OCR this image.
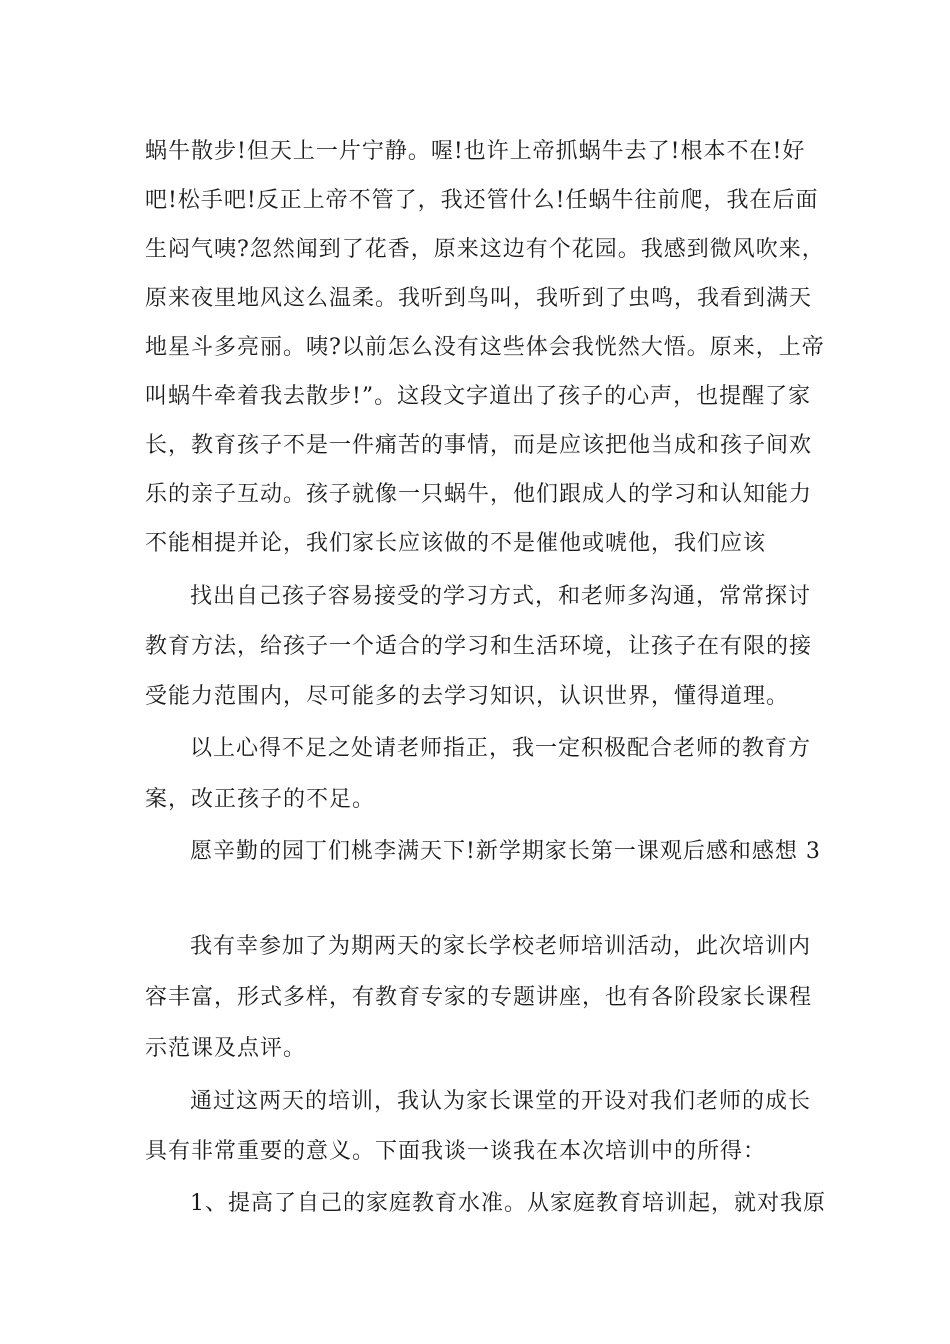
蜗牛散步!但天上一片宁静。喔!也许上帝抓蜗牛去了!根本不在!好
吧!松手吧!反正上帝不管了，我还管什么!任蜗牛往前爬，我在后面
生闷气咦?忽然闻到了花香，原来这边有个花园。我感到微风吹来，
原来夜里地风这么温柔。我听到鸟叫，我听到了虫鸣，我看到满天
地星斗多亮丽。咦?以前怎么没有这些体会我恍然大悟。原来，上帝
叫蜗牛牵着我去散步!”。这段文字道出了孩子的心声，也提醒了家
长，教育孩子不是一件痛苦的事情，而是应该把他当成和孩子间欢
乐的亲子互动。孩子就像一只蜗牛，他们跟成人的学习和认知能力
不能相提并论，我们家长应该做的不是催他或唬他，我们应该
找出自己孩子容易接受的学习方式，和老师多沟通，常常探讨
教育方法，给孩子一个适合的学习和生活环境，让孩子在有限的接
受能力范围内，尽可能多的去学习知识，认识世界，懂得道理。
以上心得不足之处请老师指正，我一定积极配合老师的教育方
案，改正孩子的不足。
愿辛勤的园丁们桃李满天下!新学期家长第一课观后感和感想 3
我有幸参加了为期两天的家长学校老师培训活动，此次培训内
容丰富，形式多样，有教育专家的专题讲座，也有各阶段家长课程
示范课及点评。
通过这两天的培训，我认为家长课堂的开设对我们老师的成长
具有非常重要的意义。下面我谈一谈我在本次培训中的所得：
1、提高了自己的家庭教育水准。从家庭教育培训起，就对我原
